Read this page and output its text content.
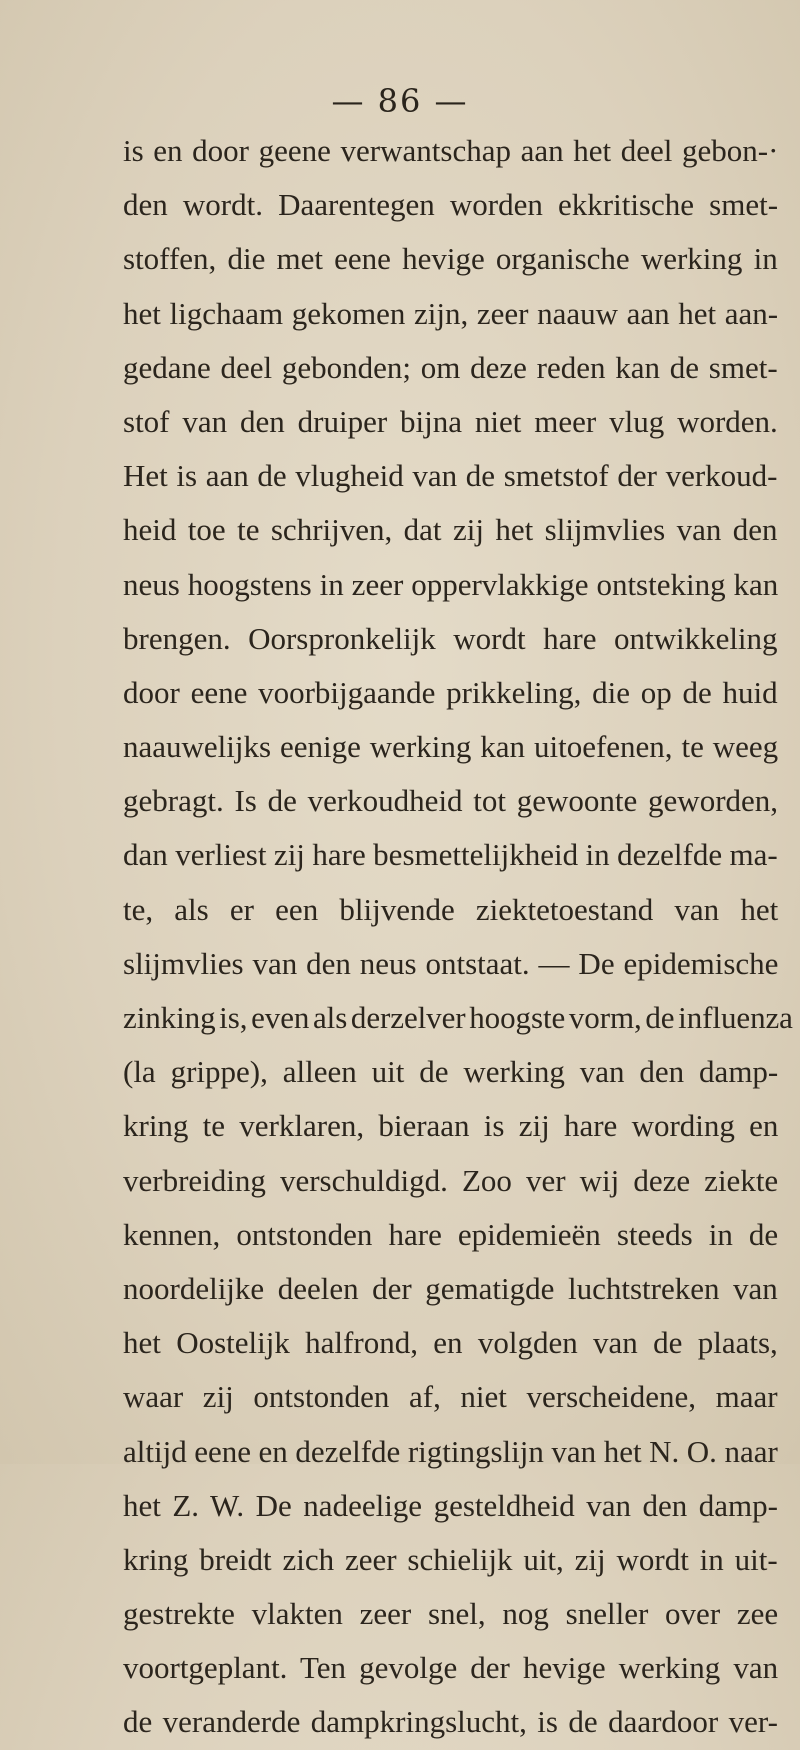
— 86 —
is en door geene verwantschap aan het deel gebon-·
den wordt. Daarentegen worden ekkritische smet-
stoffen, die met eene hevige organische werking in
het ligchaam gekomen zijn, zeer naauw aan het aan-
gedane deel gebonden; om deze reden kan de smet-
stof van den druiper bijna niet meer vlug worden.
Het is aan de vlugheid van de smetstof der verkoud-
heid toe te schrijven, dat zij het slijmvlies van den
neus hoogstens in zeer oppervlakkige ontsteking kan
brengen. Oorspronkelijk wordt hare ontwikkeling
door eene voorbijgaande prikkeling, die op de huid
naauwelijks eenige werking kan uitoefenen, te weeg
gebragt. Is de verkoudheid tot gewoonte geworden,
dan verliest zij hare besmettelijkheid in dezelfde ma-
te, als er een blijvende ziektetoestand van het
slijmvlies van den neus ontstaat. — De epidemische
zinking is, even als derzelver hoogste vorm, de influenza
(la grippe), alleen uit de werking van den damp-
kring te verklaren, bieraan is zij hare wording en
verbreiding verschuldigd. Zoo ver wij deze ziekte
kennen, ontstonden hare epidemieën steeds in de
noordelijke deelen der gematigde luchtstreken van
het Oostelijk halfrond, en volgden van de plaats,
waar zij ontstonden af, niet verscheidene, maar
altijd eene en dezelfde rigtingslijn van het N. O. naar
het Z. W. De nadeelige gesteldheid van den damp-
kring breidt zich zeer schielijk uit, zij wordt in uit-
gestrekte vlakten zeer snel, nog sneller over zee
voortgeplant. Ten gevolge der hevige werking van
de veranderde dampkringslucht, is de daardoor ver-
